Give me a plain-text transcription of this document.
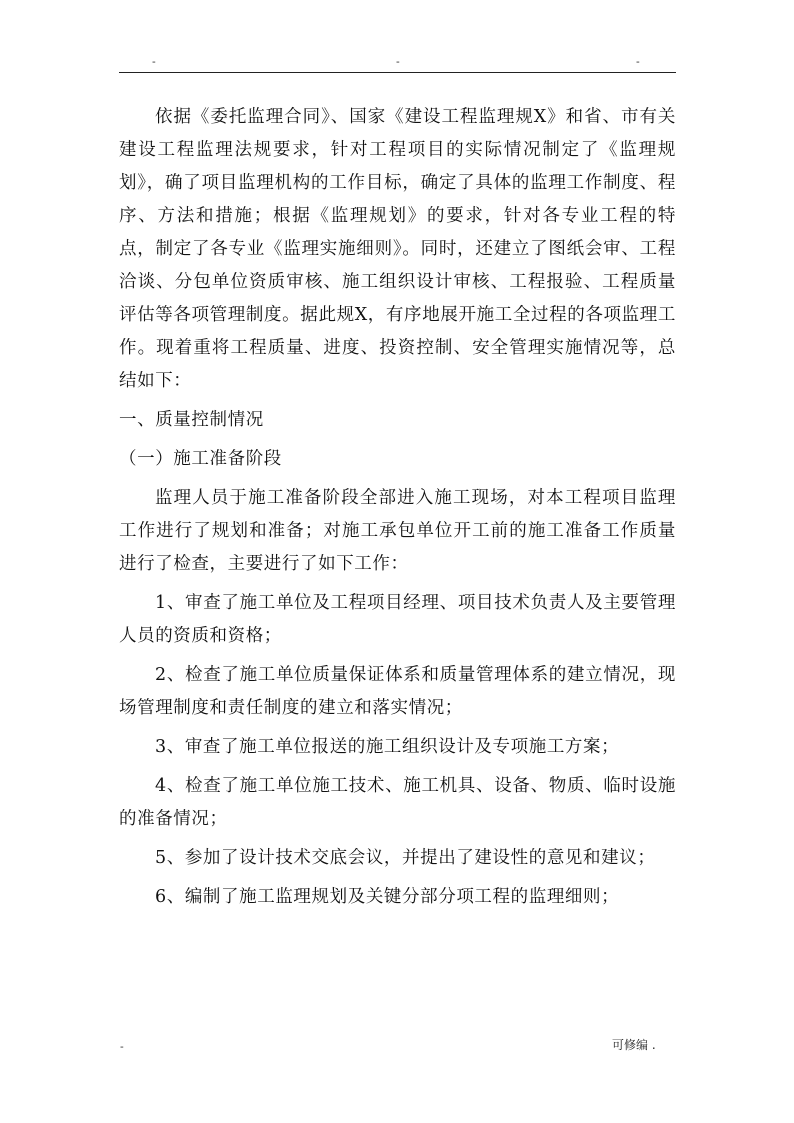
-	-	-

依据《委托监理合同》、国家《建设工程监理规X》和省、市有关建设工程监理法规要求，针对工程项目的实际情况制定了《监理规划》，确了项目监理机构的工作目标，确定了具体的监理工作制度、程序、方法和措施；根据《监理规划》的要求，针对各专业工程的特点，制定了各专业《监理实施细则》。同时，还建立了图纸会审、工程洽谈、分包单位资质审核、施工组织设计审核、工程报验、工程质量评估等各项管理制度。据此规X，有序地展开施工全过程的各项监理工作。现着重将工程质量、进度、投资控制、安全管理实施情况等，总结如下：

一、质量控制情况

（一）施工准备阶段

监理人员于施工准备阶段全部进入施工现场，对本工程项目监理工作进行了规划和准备；对施工承包单位开工前的施工准备工作质量进行了检查，主要进行了如下工作：

1、审查了施工单位及工程项目经理、项目技术负责人及主要管理人员的资质和资格；

2、检查了施工单位质量保证体系和质量管理体系的建立情况，现场管理制度和责任制度的建立和落实情况；

3、审查了施工单位报送的施工组织设计及专项施工方案；

4、检查了施工单位施工技术、施工机具、设备、物质、临时设施的准备情况；

5、参加了设计技术交底会议，并提出了建设性的意见和建议；

6、编制了施工监理规划及关键分部分项工程的监理细则；

-	可修编 .
